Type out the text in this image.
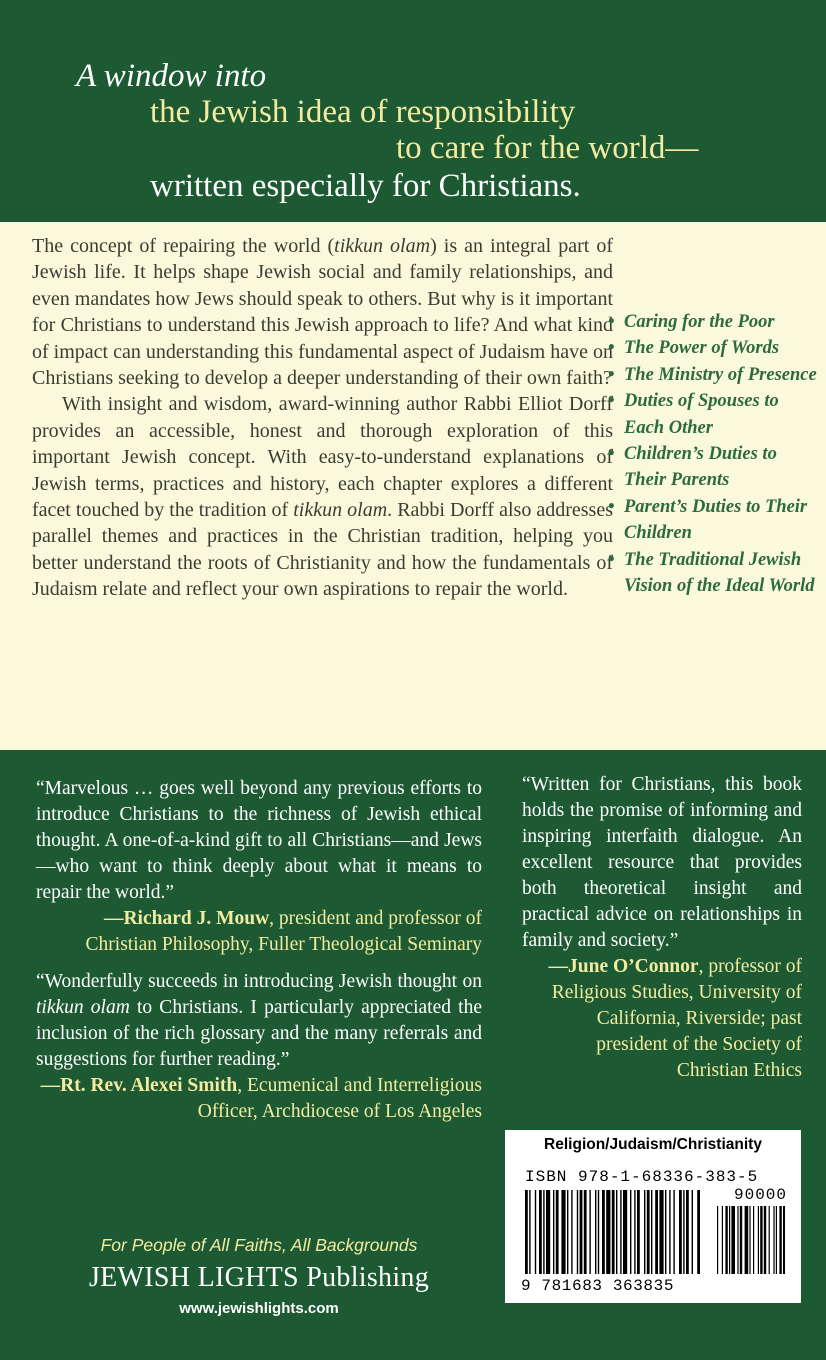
A window into
the Jewish idea of responsibility
to care for the world—
written especially for Christians.

The concept of repairing the world (tikkun olam) is an integral part of Jewish life. It helps shape Jewish social and family relationships, and even mandates how Jews should speak to others. But why is it important for Christians to understand this Jewish approach to life? And what kind of impact can understanding this fundamental aspect of Judaism have on Christians seeking to develop a deeper understanding of their own faith?

With insight and wisdom, award-winning author Rabbi Elliot Dorff provides an accessible, honest and thorough exploration of this important Jewish concept. With easy-to-understand explanations of Jewish terms, practices and history, each chapter explores a different facet touched by the tradition of tikkun olam. Rabbi Dorff also addresses parallel themes and practices in the Christian tradition, helping you better understand the roots of Christianity and how the fundamentals of Judaism relate and reflect your own aspirations to repair the world.

• Caring for the Poor
• The Power of Words
• The Ministry of Presence
• Duties of Spouses to Each Other
• Children’s Duties to Their Parents
• Parent’s Duties to Their Children
• The Traditional Jewish Vision of the Ideal World

“Marvelous … goes well beyond any previous efforts to introduce Christians to the richness of Jewish ethical thought. A one-of-a-kind gift to all Christians—and Jews—who want to think deeply about what it means to repair the world.”

—Richard J. Mouw, president and professor of Christian Philosophy, Fuller Theological Seminary

“Wonderfully succeeds in introducing Jewish thought on tikkun olam to Christians. I particularly appreciated the inclusion of the rich glossary and the many referrals and suggestions for further reading.”

—Rt. Rev. Alexei Smith, Ecumenical and Interreligious Officer, Archdiocese of Los Angeles

“Written for Christians, this book holds the promise of informing and inspiring interfaith dialogue. An excellent resource that provides both theoretical insight and practical advice on relationships in family and society.”

—June O’Connor, professor of Religious Studies, University of California, Riverside; past president of the Society of Christian Ethics

For People of All Faiths, All Backgrounds
JEWISH LIGHTS Publishing
www.jewishlights.com
Religion/Judaism/Christianity
ISBN 978-1-68336-383-5
90000
9 781683 363835
